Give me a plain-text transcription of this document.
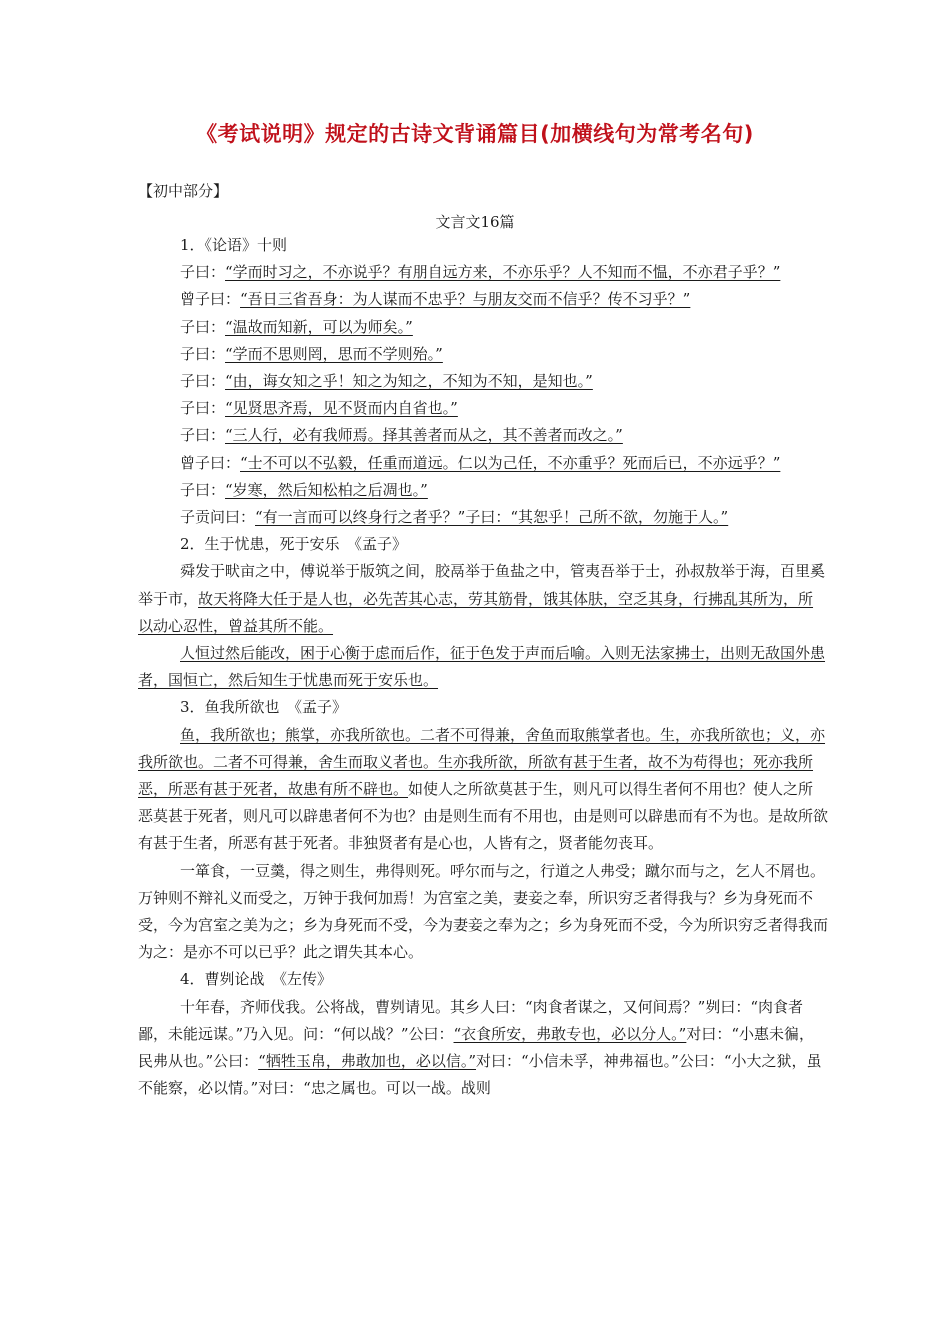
《考试说明》规定的古诗文背诵篇目(加横线句为常考名句)
【初中部分】
文言文16篇

1．《论语》十则

子曰：“学而时习之，不亦说乎？有朋自远方来，不亦乐乎？人不知而不愠，不亦君子乎？”

曾子曰：“吾日三省吾身：为人谋而不忠乎？与朋友交而不信乎？传不习乎？”

子曰：“温故而知新，可以为师矣。”

子曰：“学而不思则罔，思而不学则殆。”

子曰：“由，诲女知之乎！知之为知之，不知为不知，是知也。”

子曰：“见贤思齐焉，见不贤而内自省也。”

子曰：“三人行，必有我师焉。择其善者而从之，其不善者而改之。”

曾子曰：“士不可以不弘毅，任重而道远。仁以为己任，不亦重乎？死而后已，不亦远乎？”

子曰：“岁寒，然后知松柏之后凋也。”

子贡问曰：“有一言而可以终身行之者乎？”子曰：“其恕乎！己所不欲，勿施于人。”

2．生于忧患，死于安乐　《孟子》

舜发于畎亩之中，傅说举于版筑之间，胶鬲举于鱼盐之中，管夷吾举于士，孙叔敖举于海，百里奚举于市，故天将降大任于是人也，必先苦其心志，劳其筋骨，饿其体肤，空乏其身，行拂乱其所为，所以动心忍性，曾益其所不能。

人恒过然后能改，困于心衡于虑而后作，征于色发于声而后喻。入则无法家拂士，出则无敌国外患者，国恒亡，然后知生于忧患而死于安乐也。

3．鱼我所欲也　《孟子》

鱼，我所欲也；熊掌，亦我所欲也。二者不可得兼，舍鱼而取熊掌者也。生，亦我所欲也；义，亦我所欲也。二者不可得兼，舍生而取义者也。生亦我所欲，所欲有甚于生者，故不为苟得也；死亦我所恶，所恶有甚于死者，故患有所不辟也。如使人之所欲莫甚于生，则凡可以得生者何不用也？使人之所恶莫甚于死者，则凡可以辟患者何不为也？由是则生而有不用也，由是则可以辟患而有不为也。是故所欲有甚于生者，所恶有甚于死者。非独贤者有是心也，人皆有之，贤者能勿丧耳。

一箪食，一豆羹，得之则生，弗得则死。呼尔而与之，行道之人弗受；蹴尔而与之，乞人不屑也。万钟则不辩礼义而受之，万钟于我何加焉！为宫室之美，妻妾之奉，所识穷乏者得我与？乡为身死而不受，今为宫室之美为之；乡为身死而不受，今为妻妾之奉为之；乡为身死而不受，今为所识穷乏者得我而为之：是亦不可以已乎？此之谓失其本心。

4．曹刿论战　《左传》

十年春，齐师伐我。公将战，曹刿请见。其乡人曰：“肉食者谋之，又何间焉？”刿曰：“肉食者鄙，未能远谋。”乃入见。问：“何以战？”公曰：“衣食所安，弗敢专也，必以分人。”对曰：“小惠未徧，民弗从也。”公曰：“牺牲玉帛，弗敢加也，必以信。”对曰：“小信未孚，神弗福也。”公曰：“小大之狱，虽不能察，必以情。”对曰：“忠之属也。可以一战。战则
